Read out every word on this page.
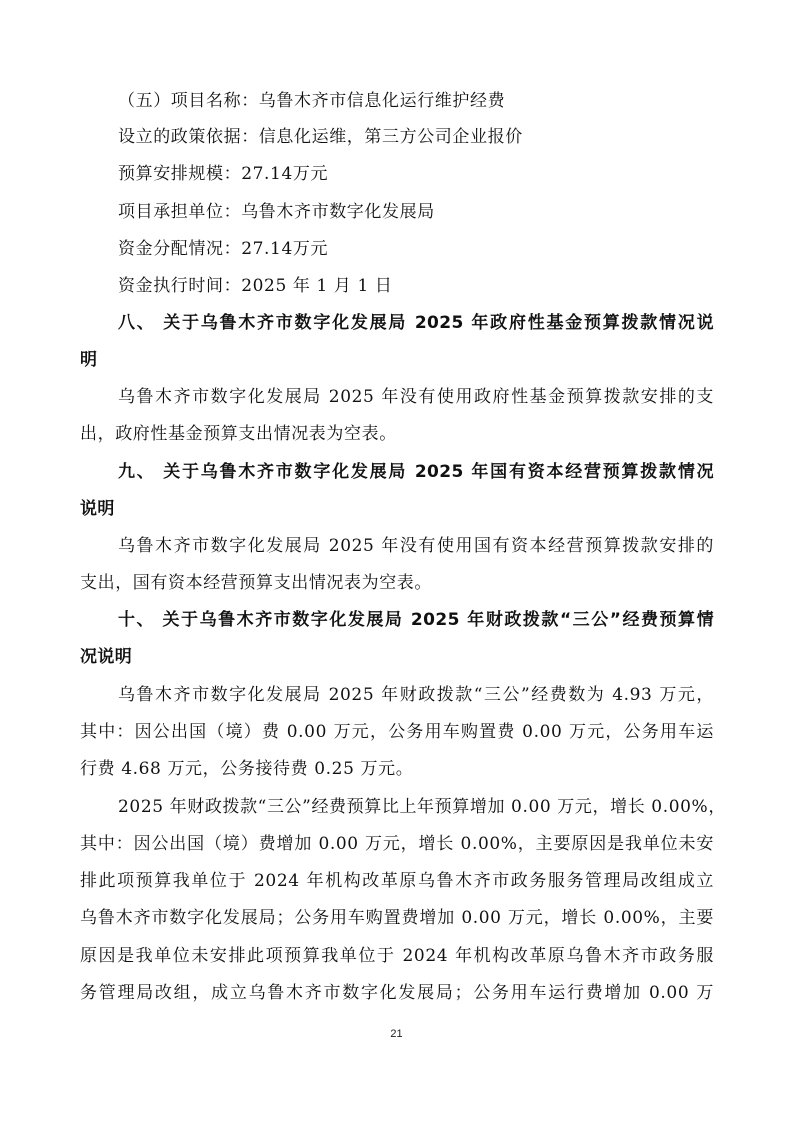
（五）项目名称：乌鲁木齐市信息化运行维护经费
设立的政策依据：信息化运维，第三方公司企业报价
预算安排规模：27.14万元
项目承担单位：乌鲁木齐市数字化发展局
资金分配情况：27.14万元
资金执行时间：2025 年 1 月 1 日
八、 关于乌鲁木齐市数字化发展局 2025 年政府性基金预算拨款情况说
明
乌鲁木齐市数字化发展局 2025 年没有使用政府性基金预算拨款安排的支
出，政府性基金预算支出情况表为空表。
九、 关于乌鲁木齐市数字化发展局 2025 年国有资本经营预算拨款情况
说明
乌鲁木齐市数字化发展局 2025 年没有使用国有资本经营预算拨款安排的
支出，国有资本经营预算支出情况表为空表。
十、 关于乌鲁木齐市数字化发展局 2025 年财政拨款“三公”经费预算情
况说明
乌鲁木齐市数字化发展局 2025 年财政拨款“三公”经费数为 4.93 万元，
其中：因公出国（境）费 0.00 万元，公务用车购置费 0.00 万元，公务用车运
行费 4.68 万元，公务接待费 0.25 万元。
2025 年财政拨款“三公”经费预算比上年预算增加 0.00 万元，增长 0.00%，
其中：因公出国（境）费增加 0.00 万元，增长 0.00%，主要原因是我单位未安
排此项预算我单位于 2024 年机构改革原乌鲁木齐市政务服务管理局改组成立
乌鲁木齐市数字化发展局；公务用车购置费增加 0.00 万元，增长 0.00%，主要
原因是我单位未安排此项预算我单位于 2024 年机构改革原乌鲁木齐市政务服
务管理局改组，成立乌鲁木齐市数字化发展局；公务用车运行费增加 0.00 万
21
